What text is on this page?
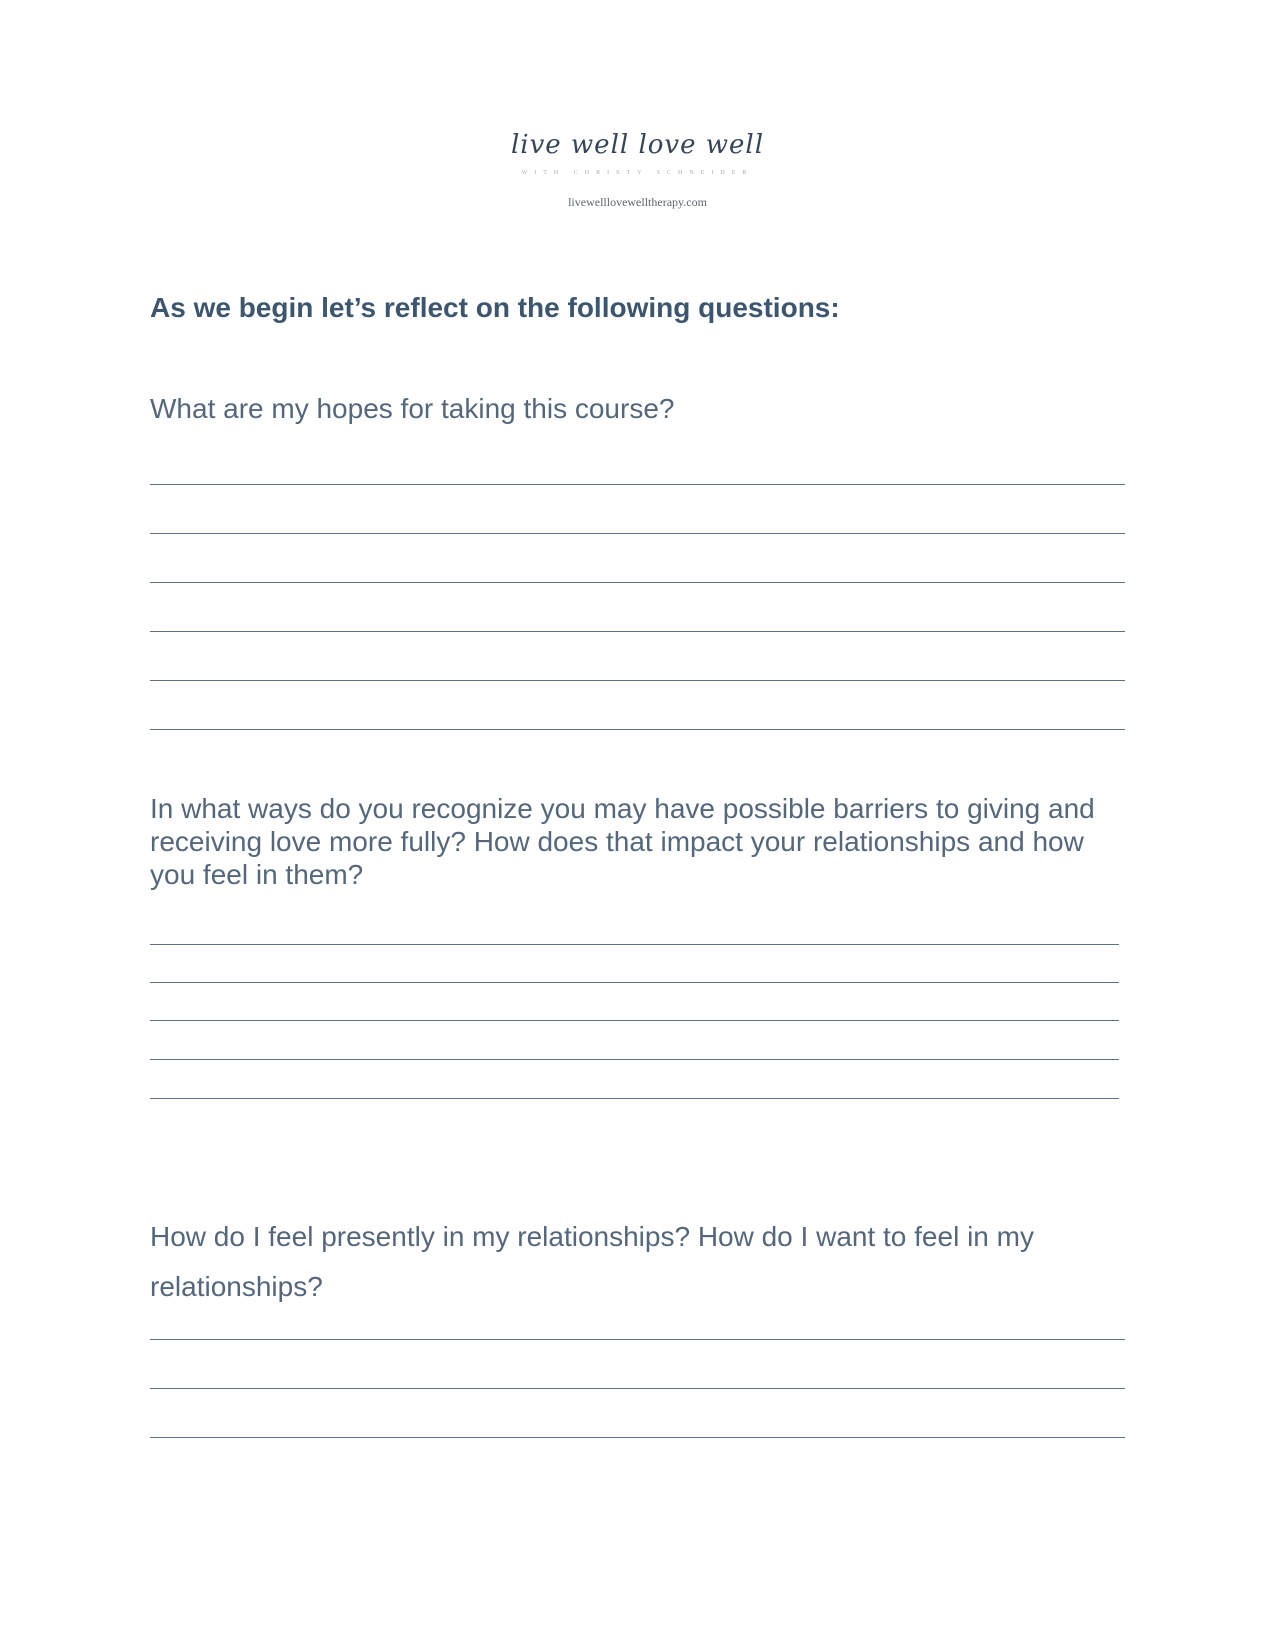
live well love well
WITH CHRISTY SCHNEIDER
livewelllovewelltherapy.com
As we begin let’s reflect on the following questions:

What are my hopes for taking this course?

In what ways do you recognize you may have possible barriers to giving and receiving love more fully? How does that impact your relationships and how you feel in them?

How do I feel presently in my relationships? How do I want to feel in my relationships?
